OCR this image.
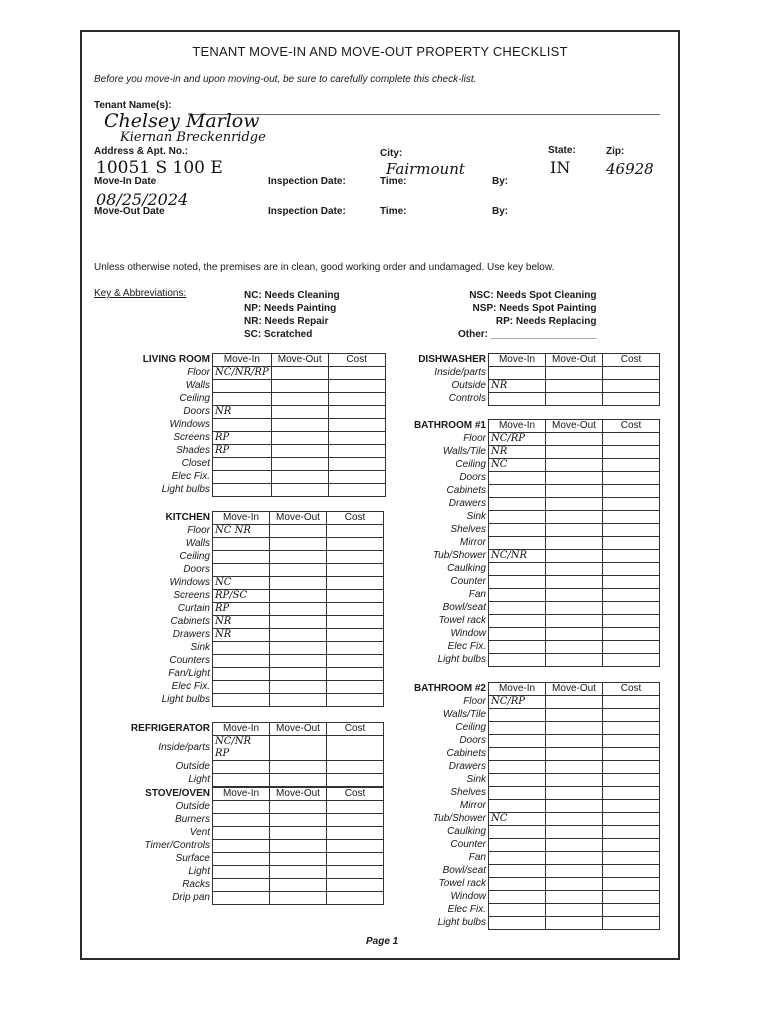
TENANT MOVE-IN AND MOVE-OUT PROPERTY CHECKLIST
Before you move-in and upon moving-out, be sure to carefully complete this check-list.
Tenant Name(s):
Chelsey Marlow
Kiernan Breckenridge
Address & Apt. No.:
10051 S 100 E
City:
Fairmount
State:
IN
Zip:
46928
Move-In Date	Inspection Date:	Time:	By:
08/25/2024
Move-Out Date	Inspection Date:	Time:	By:
Unless otherwise noted, the premises are in clean, good working order and undamaged. Use key below.
Key & Abbreviations:	NC: Needs Cleaning
NP: Needs Painting
NR: Needs Repair
SC: Scratched
NSC: Needs Spot Cleaning
NSP: Needs Spot Painting
RP: Needs Replacing
Other: ___________________
LIVING ROOM	Move-In	Move-Out	Cost
Floor	NC/NR/RP		
Walls			
Ceiling			
Doors	NR		
Windows			
Screens	RP		
Shades	RP		
Closet			
Elec Fix.			
Light bulbs			
KITCHEN	Move-In	Move-Out	Cost
Floor	NC NR		
Walls			
Ceiling			
Doors			
Windows	NC		
Screens	RP/SC		
Curtain	RP		
Cabinets	NR		
Drawers	NR		
Sink			
Counters			
Fan/Light			
Elec Fix.			
Light bulbs			
REFRIGERATOR	Move-In	Move-Out	Cost
Inside/parts	NC/NR RP		
Outside			
Light			
STOVE/OVEN	Move-In	Move-Out	Cost
Outside			
Burners			
Vent			
Timer/Controls			
Surface			
Light			
Racks			
Drip pan			
DISHWASHER	Move-In	Move-Out	Cost
Inside/parts			
Outside	NR		
Controls			
BATHROOM #1	Move-In	Move-Out	Cost
Floor	NC/RP		
Walls/Tile	NR		
Ceiling	NC		
Doors			
Cabinets			
Drawers			
Sink			
Shelves			
Mirror			
Tub/Shower	NC/NR		
Caulking			
Counter			
Fan			
Bowl/seat			
Towel rack			
Window			
Elec Fix.			
Light bulbs			
BATHROOM #2	Move-In	Move-Out	Cost
Floor	NC/RP		
Walls/Tile			
Ceiling			
Doors			
Cabinets			
Drawers			
Sink			
Shelves			
Mirror			
Tub/Shower	NC		
Caulking			
Counter			
Fan			
Bowl/seat			
Towel rack			
Window			
Elec Fix.			
Light bulbs			
Page 1
